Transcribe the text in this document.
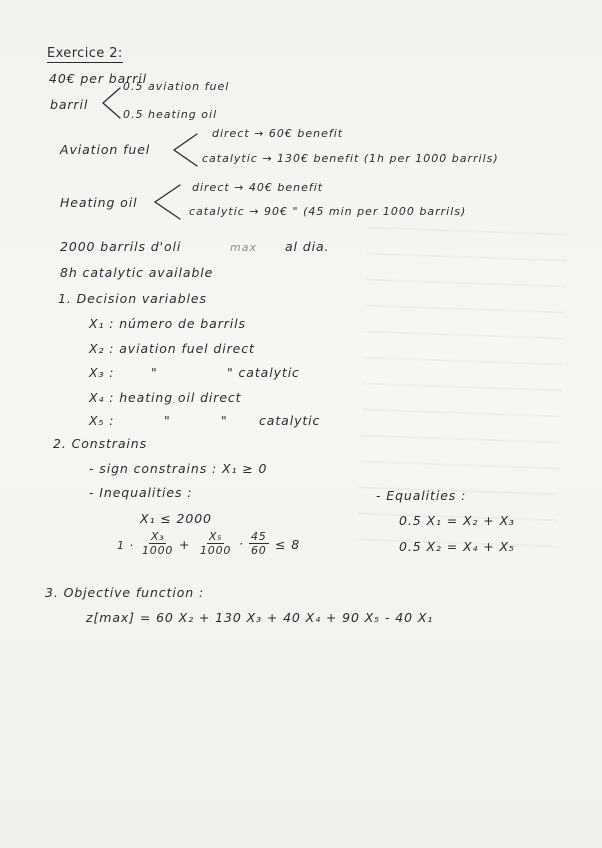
Exercice 2:
40€ per barril
barril
0.5 aviation fuel
0.5 heating oil
Aviation fuel
direct → 60€ benefit
catalytic → 130€ benefit (1h per 1000 barrils)
Heating oil
direct → 40€ benefit
catalytic → 90€ " (45 min per 1000 barrils)
2000 barrils d'oli	max al dia.
8h catalytic available
1. Decision variables
X₁ : número de barrils
X₂ : aviation fuel direct
X₃ :	"	" catalytic
X₄ : heating oil direct
X₅ :	"	"	catalytic
2. Constrains
- sign constrains : X₁ ≥ 0
- Inequalities :	- Equalities :
X₁ ≤ 2000
$1 \cdot \frac{\text{X₃}}{1000} + \frac{\text{X₅}}{1000} \cdot \frac{45}{60} \le 8$
0.5 X₁ = X₂ + X₃
0.5 X₂ = X₄ + X₅
3. Objective function :
z[max] = 60 X₂ + 130 X₃ + 40 X₄ + 90 X₅ - 40 X₁
